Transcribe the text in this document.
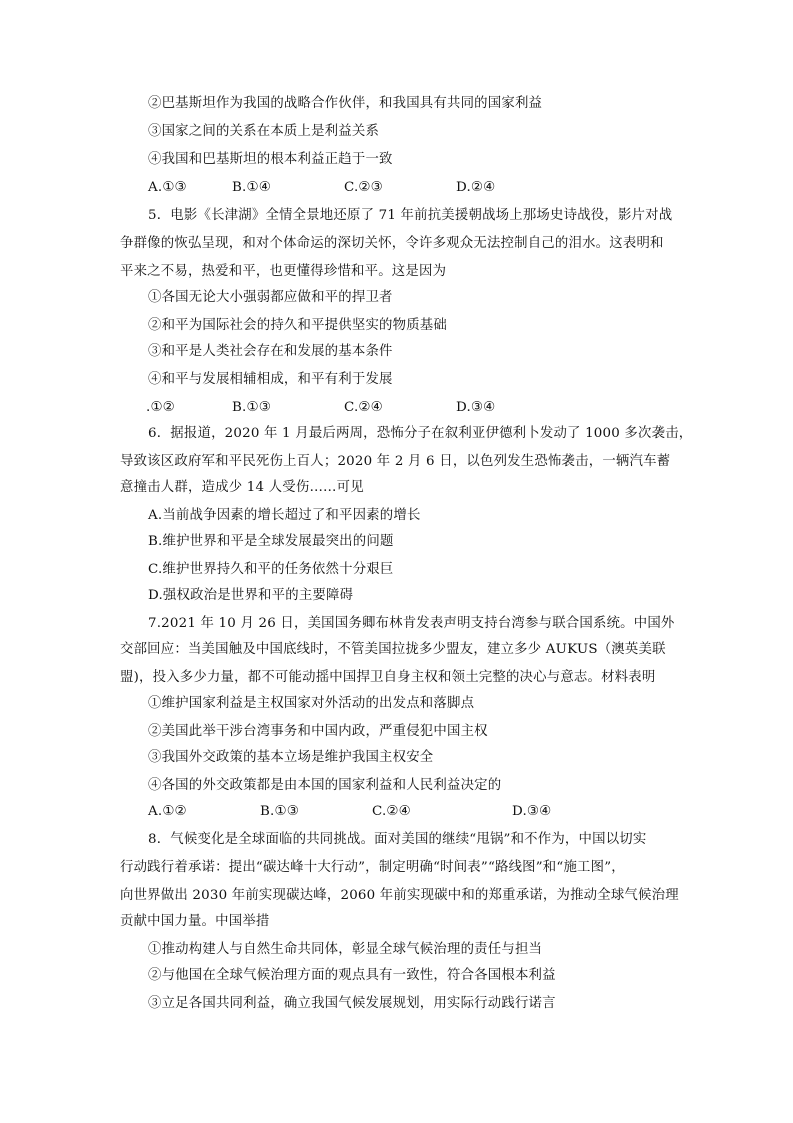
②巴基斯坦作为我国的战略合作伙伴，和我国具有共同的国家利益
③国家之间的关系在本质上是利益关系
④我国和巴基斯坦的根本利益正趋于一致
A.①③	B.①④	C.②③	D.②④
5．电影《长津湖》全情全景地还原了 71 年前抗美援朝战场上那场史诗战役，影片对战
争群像的恢弘呈现，和对个体命运的深切关怀，令许多观众无法控制自己的泪水。这表明和
平来之不易，热爱和平，也更懂得珍惜和平。这是因为
①各国无论大小强弱都应做和平的捍卫者
②和平为国际社会的持久和平提供坚实的物质基础
③和平是人类社会存在和发展的基本条件
④和平与发展相辅相成，和平有利于发展
.①②	B.①③	C.②④	D.③④
6．据报道，2020 年 1 月最后两周，恐怖分子在叙利亚伊德利卜发动了 1000 多次袭击，
导致该区政府军和平民死伤上百人；2020 年 2 月 6 日，以色列发生恐怖袭击，一辆汽车蓄
意撞击人群，造成少 14 人受伤……可见
A.当前战争因素的增长超过了和平因素的增长
B.维护世界和平是全球发展最突出的问题
C.维护世界持久和平的任务依然十分艰巨
D.强权政治是世界和平的主要障碍
7.2021 年 10 月 26 日，美国国务卿布林肯发表声明支持台湾参与联合国系统。中国外
交部回应：当美国触及中国底线时，不管美国拉拢多少盟友，建立多少 AUKUS（澳英美联
盟)，投入多少力量，都不可能动摇中国捍卫自身主权和领土完整的决心与意志。材料表明
①维护国家利益是主权国家对外活动的出发点和落脚点
②美国此举干涉台湾事务和中国内政，严重侵犯中国主权
③我国外交政策的基本立场是维护我国主权安全
④各国的外交政策都是由本国的国家利益和人民利益决定的
A.①②	B.①③	C.②④	D.③④
8．气候变化是全球面临的共同挑战。面对美国的继续“甩锅”和不作为，中国以切实
行动践行着承诺：提出“碳达峰十大行动”，制定明确“时间表”“路线图”和“施工图”，
向世界做出 2030 年前实现碳达峰，2060 年前实现碳中和的郑重承诺，为推动全球气候治理
贡献中国力量。中国举措
①推动构建人与自然生命共同体，彰显全球气候治理的责任与担当
②与他国在全球气候治理方面的观点具有一致性，符合各国根本利益
③立足各国共同利益，确立我国气候发展规划，用实际行动践行诺言
